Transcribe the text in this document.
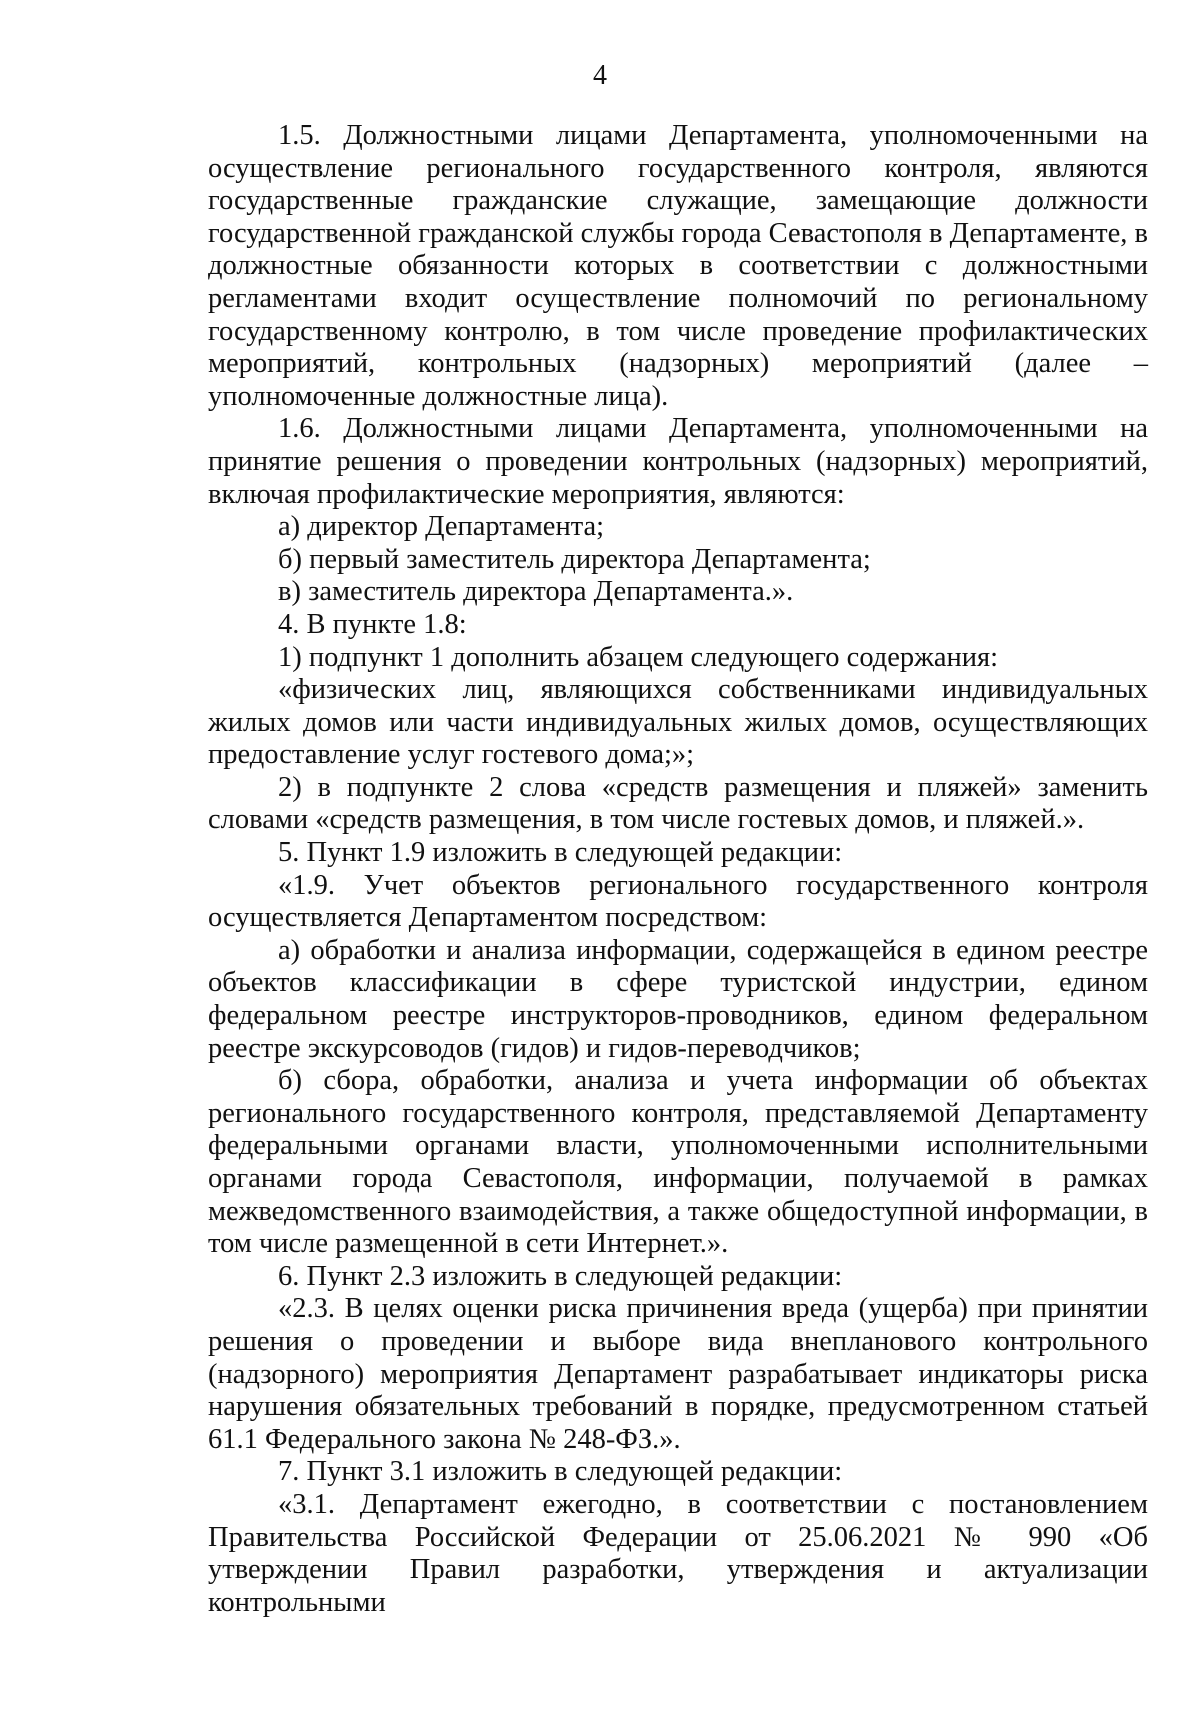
4

1.5. Должностными лицами Департамента, уполномоченными на осуществление регионального государственного контроля, являются государственные гражданские служащие, замещающие должности государственной гражданской службы города Севастополя в Департаменте, в должностные обязанности которых в соответствии с должностными регламентами входит осуществление полномочий по региональному государственному контролю, в том числе проведение профилактических мероприятий, контрольных (надзорных) мероприятий (далее – уполномоченные должностные лица).

1.6. Должностными лицами Департамента, уполномоченными на принятие решения о проведении контрольных (надзорных) мероприятий, включая профилактические мероприятия, являются:

а) директор Департамента;

б) первый заместитель директора Департамента;

в) заместитель директора Департамента.».

4. В пункте 1.8:

1) подпункт 1 дополнить абзацем следующего содержания:

«физических лиц, являющихся собственниками индивидуальных жилых домов или части индивидуальных жилых домов, осуществляющих предоставление услуг гостевого дома;»;

2) в подпункте 2 слова «средств размещения и пляжей» заменить словами «средств размещения, в том числе гостевых домов, и пляжей.».

5. Пункт 1.9 изложить в следующей редакции:

«1.9. Учет объектов регионального государственного контроля осуществляется Департаментом посредством:

а) обработки и анализа информации, содержащейся в едином реестре объектов классификации в сфере туристской индустрии, едином федеральном реестре инструкторов-проводников, едином федеральном реестре экскурсоводов (гидов) и гидов-переводчиков;

б) сбора, обработки, анализа и учета информации об объектах регионального государственного контроля, представляемой Департаменту федеральными органами власти, уполномоченными исполнительными органами города Севастополя, информации, получаемой в рамках межведомственного взаимодействия, а также общедоступной информации, в том числе размещенной в сети Интернет.».

6. Пункт 2.3 изложить в следующей редакции:

«2.3. В целях оценки риска причинения вреда (ущерба) при принятии решения о проведении и выборе вида внепланового контрольного (надзорного) мероприятия Департамент разрабатывает индикаторы риска нарушения обязательных требований в порядке, предусмотренном статьей 61.1 Федерального закона № 248-ФЗ.».

7. Пункт 3.1 изложить в следующей редакции:

«3.1. Департамент ежегодно, в соответствии с постановлением Правительства Российской Федерации от 25.06.2021 № 990 «Об утверждении Правил разработки, утверждения и актуализации контрольными
